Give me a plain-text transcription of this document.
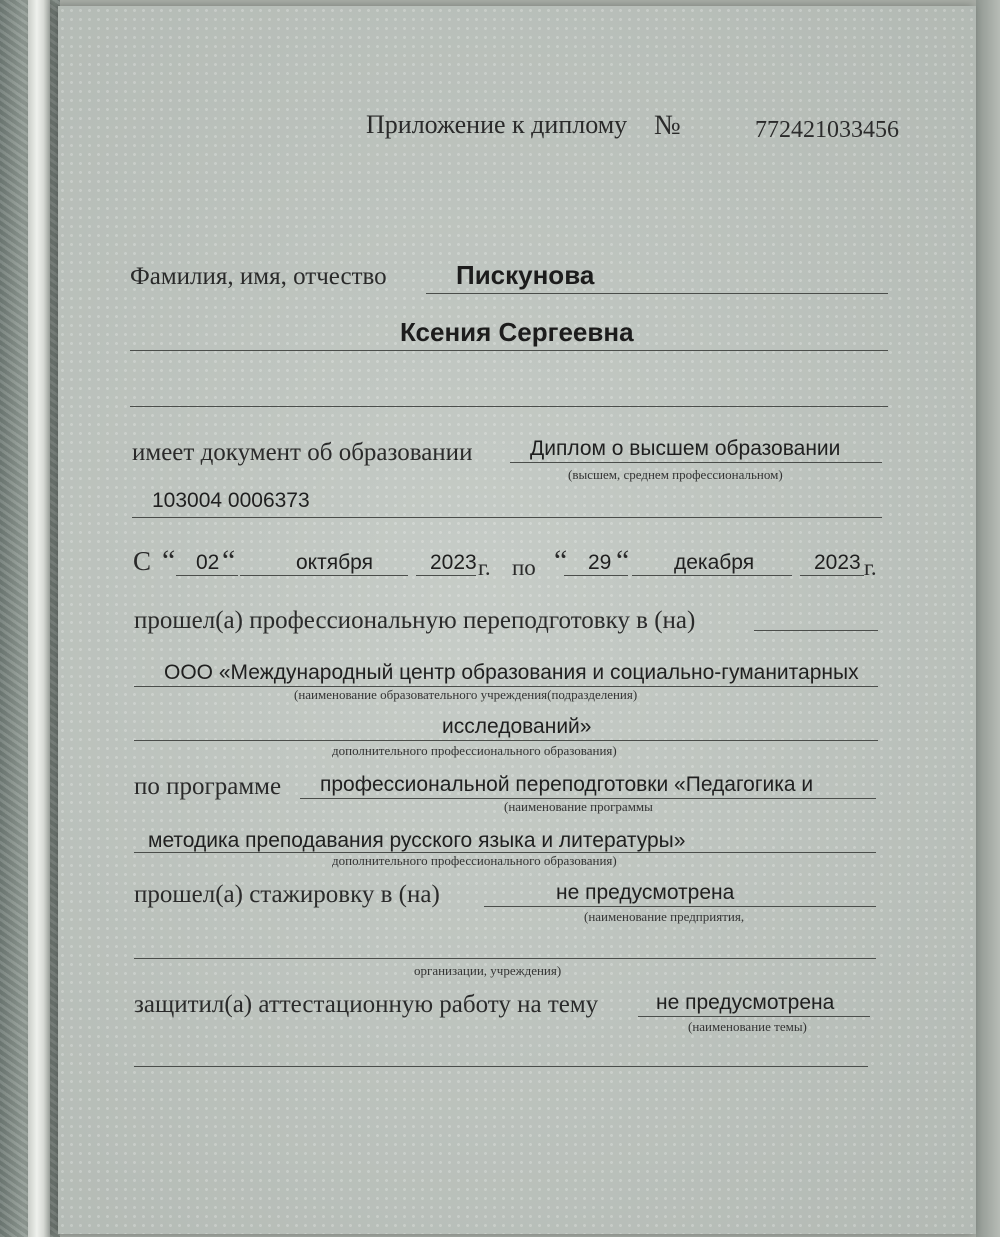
Приложение к диплому №	772421033456
Фамилия, имя, отчество	Пискунова
Ксения Сергеевна
имеет документ об образовании	Диплом о высшем образовании
(высшем, среднем профессиональном)
103004 0006373
С “ 02 “	октября	2023 г. по “ 29 “ декабря	2023 г.
прошел(а) профессиональную переподготовку в (на)
ООО «Международный центр образования и социально-гуманитарных
(наименование образовательного учреждения(подразделения)
исследований»
дополнительного профессионального образования)
по программе профессиональной переподготовки «Педагогика и
(наименование программы
методика преподавания русского языка и литературы»
дополнительного профессионального образования)
прошел(а) стажировку в (на)	не предусмотрена
(наименование предприятия,
организации, учреждения)
защитил(а) аттестационную работу на тему	не предусмотрена
(наименование темы)
